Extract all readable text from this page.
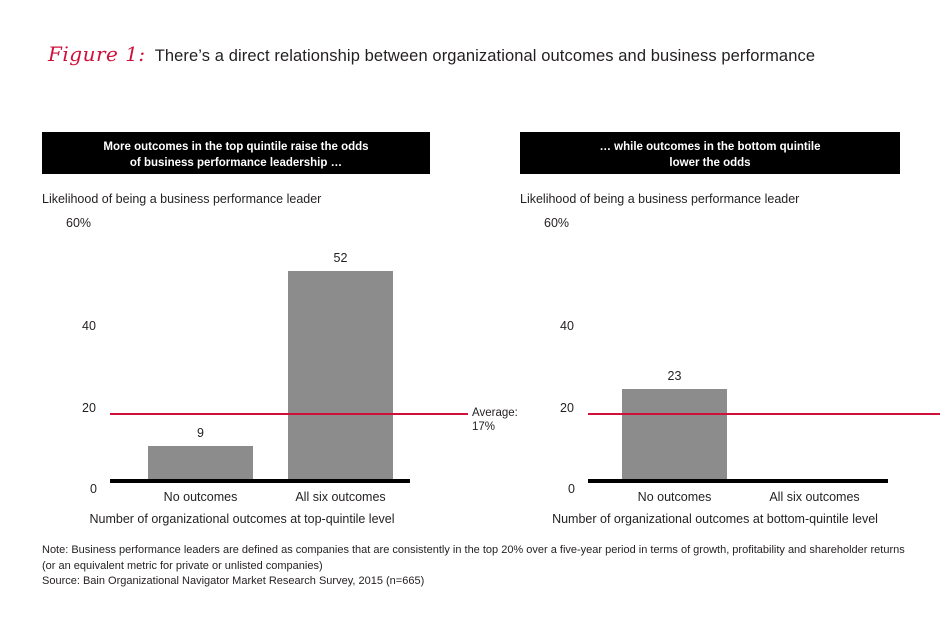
Figure 1: There’s a direct relationship between organizational outcomes and business performance
More outcomes in the top quintile raise the odds
of business performance leadership …
Likelihood of being a business performance leader
60%
40
20
0
9
52
Average:
17%
No outcomes	All six outcomes
Number of organizational outcomes at top-quintile level
… while outcomes in the bottom quintile
lower the odds
Likelihood of being a business performance leader
60%
40
20
0
23
No outcomes	All six outcomes
Number of organizational outcomes at bottom-quintile level
Note: Business performance leaders are defined as companies that are consistently in the top 20% over a five-year period in terms of growth, profitability and shareholder returns
(or an equivalent metric for private or unlisted companies)
Source: Bain Organizational Navigator Market Research Survey, 2015 (n=665)
